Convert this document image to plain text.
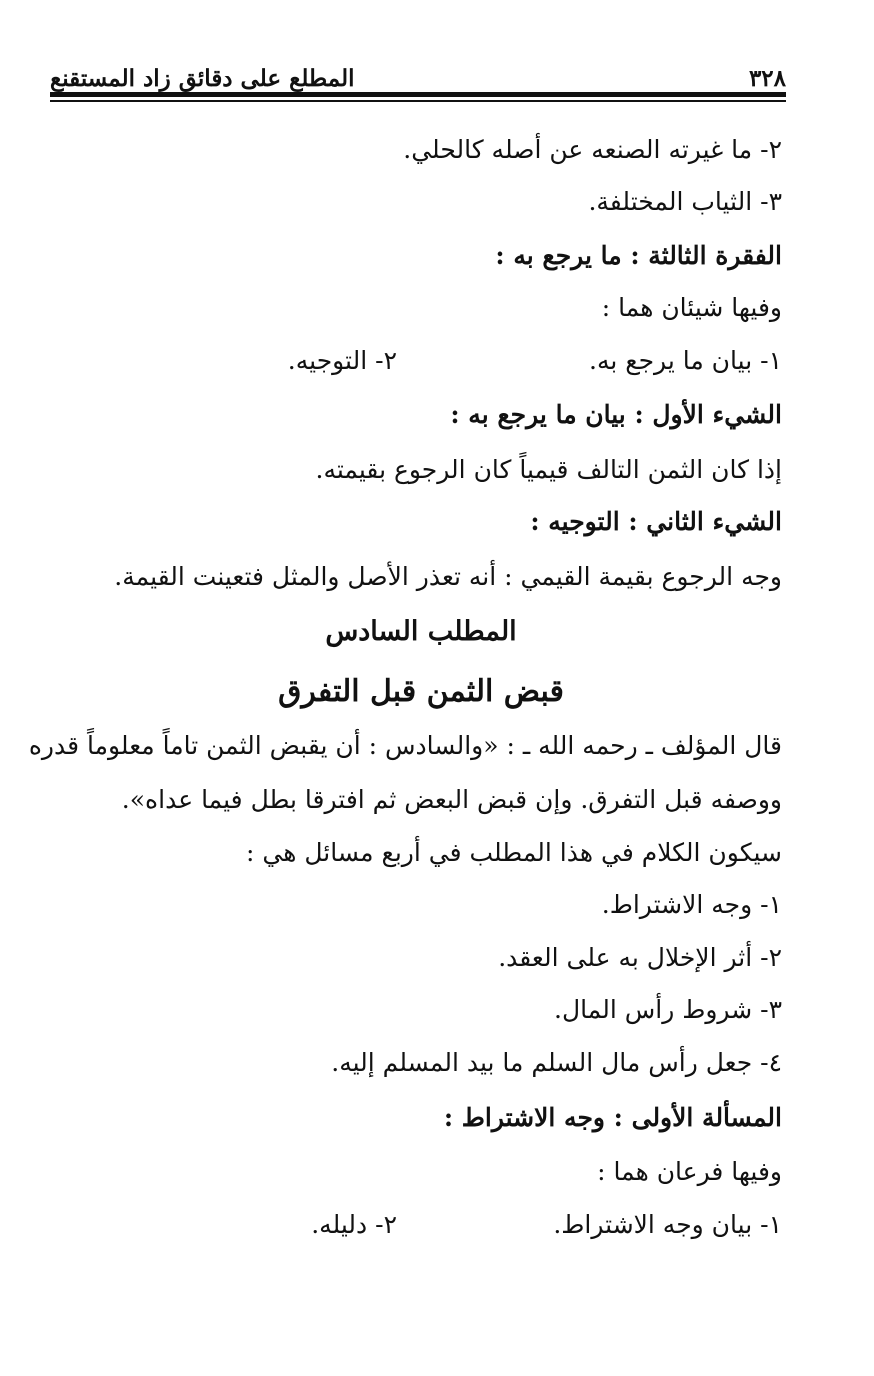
٣٢٨
المطلع على دقائق زاد المستقنع
٢- ما غيرته الصنعه عن أصله كالحلي.
٣- الثياب المختلفة.
الفقرة الثالثة : ما يرجع به :
وفيها شيئان هما :
١- بيان ما يرجع به.
٢- التوجيه.
الشيء الأول : بيان ما يرجع به :
إذا كان الثمن التالف قيمياً كان الرجوع بقيمته.
الشيء الثاني : التوجيه :
وجه الرجوع بقيمة القيمي : أنه تعذر الأصل والمثل فتعينت القيمة.
المطلب السادس
قبض الثمن قبل التفرق
قال المؤلف ـ رحمه الله ـ : «والسادس : أن يقبض الثمن تاماً معلوماً قدره
ووصفه قبل التفرق. وإن قبض البعض ثم افترقا بطل فيما عداه».
سيكون الكلام في هذا المطلب في أربع مسائل هي :
١- وجه الاشتراط.
٢- أثر الإخلال به على العقد.
٣- شروط رأس المال.
٤- جعل رأس مال السلم ما بيد المسلم إليه.
المسألة الأولى : وجه الاشتراط :
وفيها فرعان هما :
١- بيان وجه الاشتراط.
٢- دليله.
